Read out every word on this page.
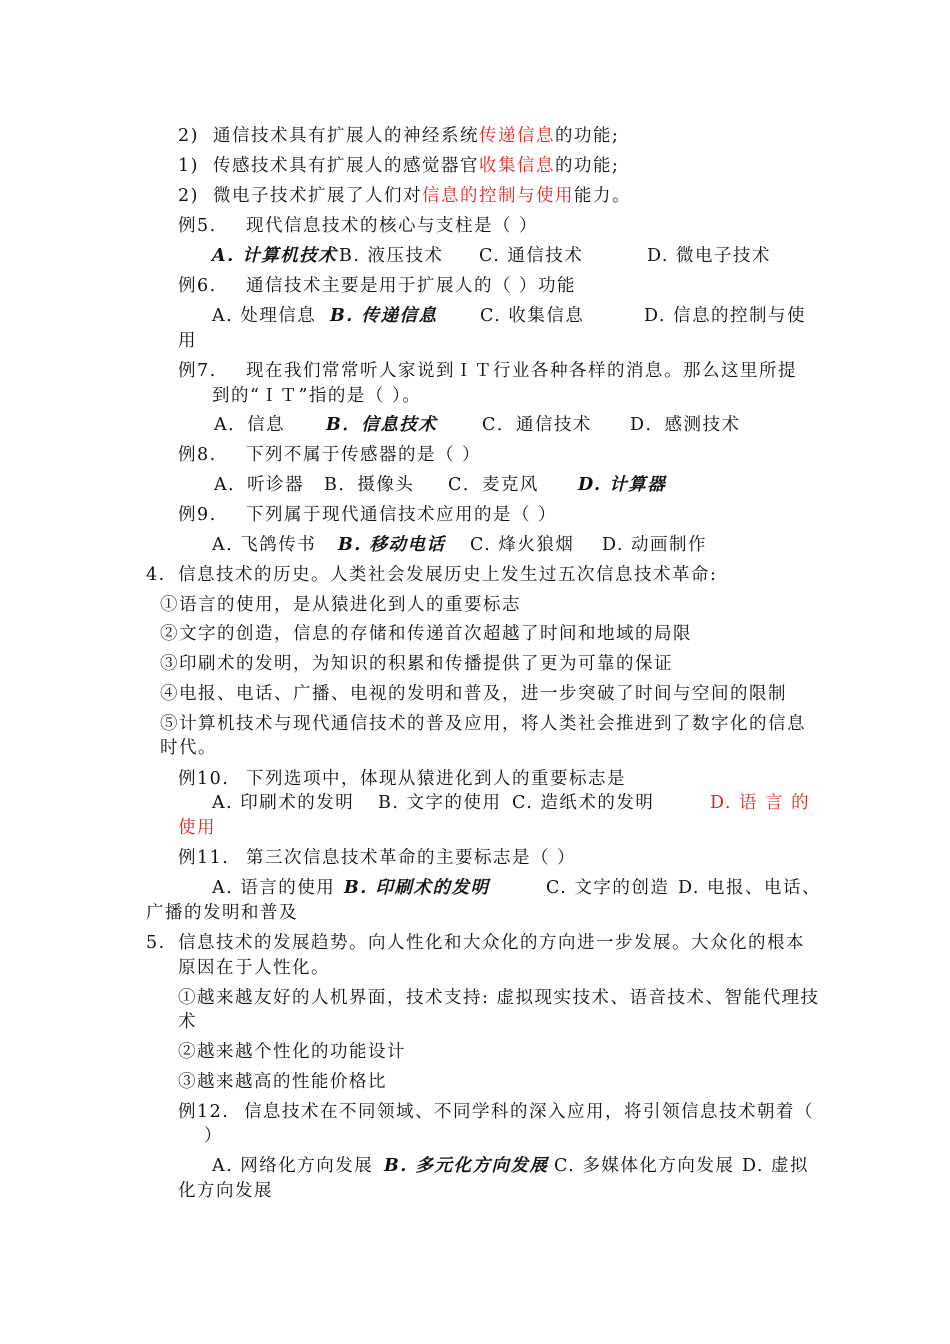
2) 通信技术具有扩展人的神经系统传递信息的功能;
1) 传感技术具有扩展人的感觉器官收集信息的功能;
2) 微电子技术扩展了人们对信息的控制与使用能力。
例5. 现代信息技术的核心与支柱是（ ）
A. 计算机技术B. 液压技术 C. 通信技术	D. 微电子技术
例6. 通信技术主要是用于扩展人的（ ）功能
A. 处理信息 B. 传递信息 C. 收集信息	D. 信息的控制与使
用
例7. 现在我们常常听人家说到ＩＴ行业各种各样的消息。那么这里所提
到的“ＩＴ”指的是（ ）。
A．信息 B．信息技术	C．通信技术 D．感测技术
例8. 下列不属于传感器的是（ ）
A．听诊器 B．摄像头 C．麦克风 D. 计算器
例9. 下列属于现代通信技术应用的是（ ）
A. 飞鸽传书 B. 移动电话 C. 烽火狼烟 D. 动画制作
4. 信息技术的历史。人类社会发展历史上发生过五次信息技术革命:
①语言的使用，是从猿进化到人的重要标志
②文字的创造，信息的存储和传递首次超越了时间和地域的局限
③印刷术的发明，为知识的积累和传播提供了更为可靠的保证
④电报、电话、广播、电视的发明和普及，进一步突破了时间与空间的限制
⑤计算机技术与现代通信技术的普及应用，将人类社会推进到了数字化的信息
时代。
例10. 下列选项中，体现从猿进化到人的重要标志是
A. 印刷术的发明 B. 文字的使用 C. 造纸术的发明	D. 语 言 的
使用
例11. 第三次信息技术革命的主要标志是（ ）
A. 语言的使用 B. 印刷术的发明	C. 文字的创造 D. 电报、电话、
广播的发明和普及
5. 信息技术的发展趋势。向人性化和大众化的方向进一步发展。大众化的根本
原因在于人性化。
①越来越友好的人机界面，技术支持: 虚拟现实技术、语音技术、智能代理技
术
②越来越个性化的功能设计
③越来越高的性能价格比
例12. 信息技术在不同领域、不同学科的深入应用，将引领信息技术朝着（
）
A. 网络化方向发展 B. 多元化方向发展 C. 多媒体化方向发展 D. 虚拟
化方向发展
